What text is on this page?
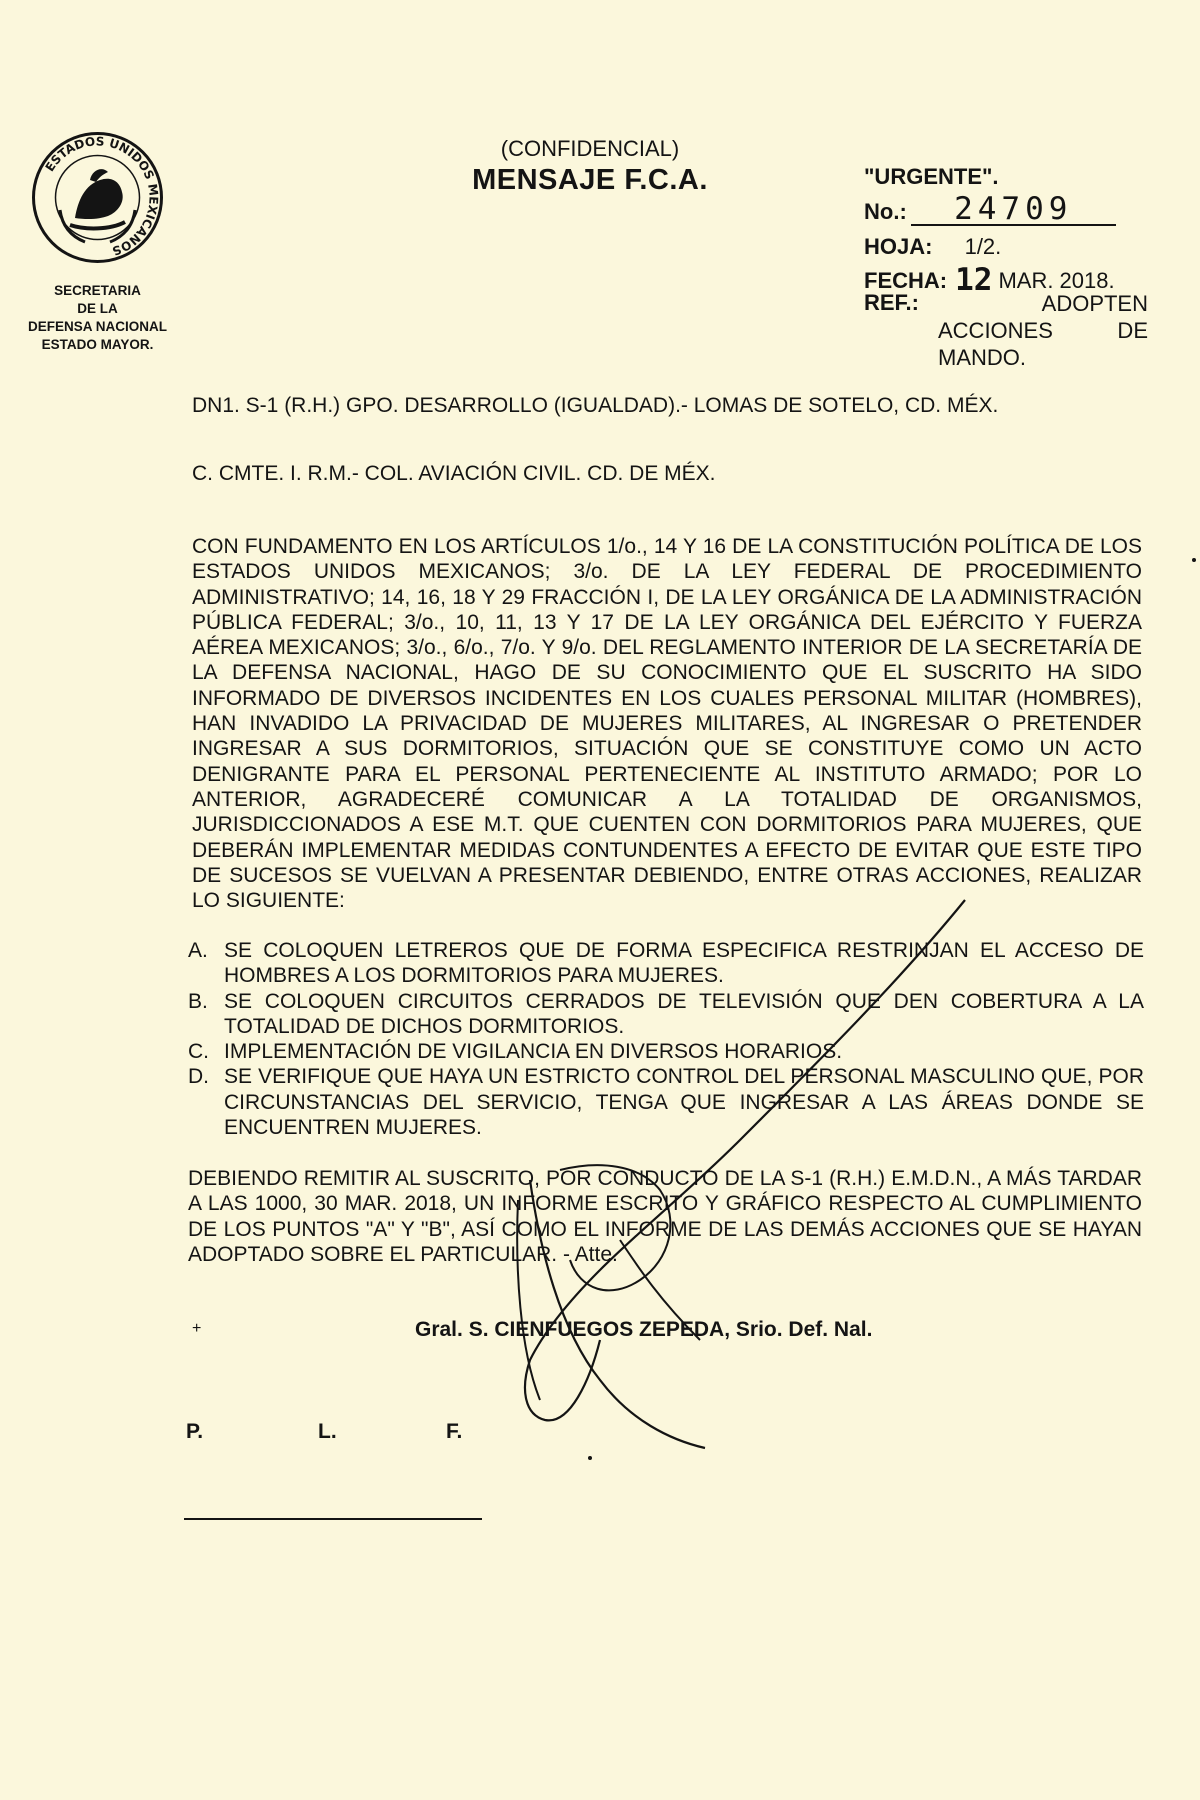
ESTADOS UNIDOS MEXICANOS
SECRETARIA
DE LA
DEFENSA NACIONAL
ESTADO MAYOR.
(CONFIDENCIAL)
MENSAJE F.C.A.	"URGENTE".
No.: 24709
HOJA: 1/2.
FECHA: 12 MAR. 2018.
REF.:	ADOPTEN
ACCIONES DE
MANDO.
DN1. S-1 (R.H.) GPO. DESARROLLO (IGUALDAD).- LOMAS DE SOTELO, CD. MÉX.
C. CMTE. I. R.M.- COL. AVIACIÓN CIVIL. CD. DE MÉX.
CON FUNDAMENTO EN LOS ARTÍCULOS 1/o., 14 Y 16 DE LA CONSTITUCIÓN POLÍTICA DE LOS ESTADOS UNIDOS MEXICANOS; 3/o. DE LA LEY FEDERAL DE PROCEDIMIENTO ADMINISTRATIVO; 14, 16, 18 Y 29 FRACCIÓN I, DE LA LEY ORGÁNICA DE LA ADMINISTRACIÓN PÚBLICA FEDERAL; 3/o., 10, 11, 13 Y 17 DE LA LEY ORGÁNICA DEL EJÉRCITO Y FUERZA AÉREA MEXICANOS; 3/o., 6/o., 7/o. Y 9/o. DEL REGLAMENTO INTERIOR DE LA SECRETARÍA DE LA DEFENSA NACIONAL, HAGO DE SU CONOCIMIENTO QUE EL SUSCRITO HA SIDO INFORMADO DE DIVERSOS INCIDENTES EN LOS CUALES PERSONAL MILITAR (HOMBRES), HAN INVADIDO LA PRIVACIDAD DE MUJERES MILITARES, AL INGRESAR O PRETENDER INGRESAR A SUS DORMITORIOS, SITUACIÓN QUE SE CONSTITUYE COMO UN ACTO DENIGRANTE PARA EL PERSONAL PERTENECIENTE AL INSTITUTO ARMADO; POR LO ANTERIOR, AGRADECERÉ COMUNICAR A LA TOTALIDAD DE ORGANISMOS, JURISDICCIONADOS A ESE M.T. QUE CUENTEN CON DORMITORIOS PARA MUJERES, QUE DEBERÁN IMPLEMENTAR MEDIDAS CONTUNDENTES A EFECTO DE EVITAR QUE ESTE TIPO DE SUCESOS SE VUELVAN A PRESENTAR DEBIENDO, ENTRE OTRAS ACCIONES, REALIZAR LO SIGUIENTE:
A. SE COLOQUEN LETREROS QUE DE FORMA ESPECIFICA RESTRINJAN EL ACCESO DE HOMBRES A LOS DORMITORIOS PARA MUJERES.
B. SE COLOQUEN CIRCUITOS CERRADOS DE TELEVISIÓN QUE DEN COBERTURA A LA TOTALIDAD DE DICHOS DORMITORIOS.
C. IMPLEMENTACIÓN DE VIGILANCIA EN DIVERSOS HORARIOS.
D. SE VERIFIQUE QUE HAYA UN ESTRICTO CONTROL DEL PERSONAL MASCULINO QUE, POR CIRCUNSTANCIAS DEL SERVICIO, TENGA QUE INGRESAR A LAS ÁREAS DONDE SE ENCUENTREN MUJERES.
DEBIENDO REMITIR AL SUSCRITO, POR CONDUCTO DE LA S-1 (R.H.) E.M.D.N., A MÁS TARDAR A LAS 1000, 30 MAR. 2018, UN INFORME ESCRITO Y GRÁFICO RESPECTO AL CUMPLIMIENTO DE LOS PUNTOS "A" Y "B", ASÍ COMO EL INFORME DE LAS DEMÁS ACCIONES QUE SE HAYAN ADOPTADO SOBRE EL PARTICULAR. - Atte.
+	Gral. S. CIENFUEGOS ZEPEDA, Srio. Def. Nal.
P.	L.	F.
